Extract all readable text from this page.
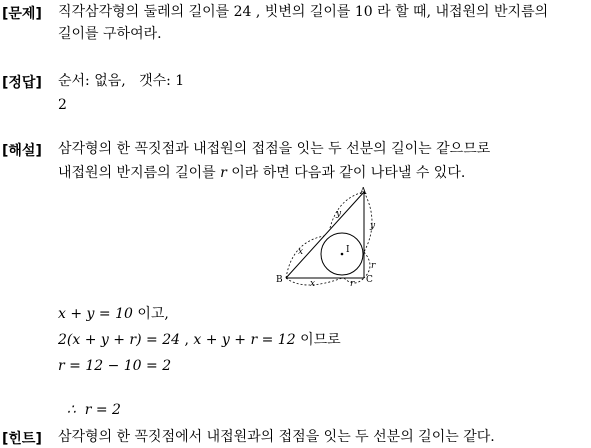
[문제] 직각삼각형의 둘레의 길이를 24 , 빗변의 길이를 10 라 할 때, 내접원의 반지름의
길이를 구하여라.
[정답] 순서: 없음,   갯수: 1
2
[해설] 삼각형의 한 꼭짓점과 내접원의 접점을 잇는 두 선분의 길이는 같으므로
내접원의 반지름의 길이를 r 이라 하면 다음과 같이 나타낼 수 있다.
A
B	C
I
x
x
y
y
r
r
x + y = 10 이고,
2(x + y + r) = 24 , x + y + r = 12 이므로
r = 12 − 10 = 2

∴  r = 2

[힌트] 삼각형의 한 꼭짓점에서 내접원과의 접점을 잇는 두 선분의 길이는 같다.
